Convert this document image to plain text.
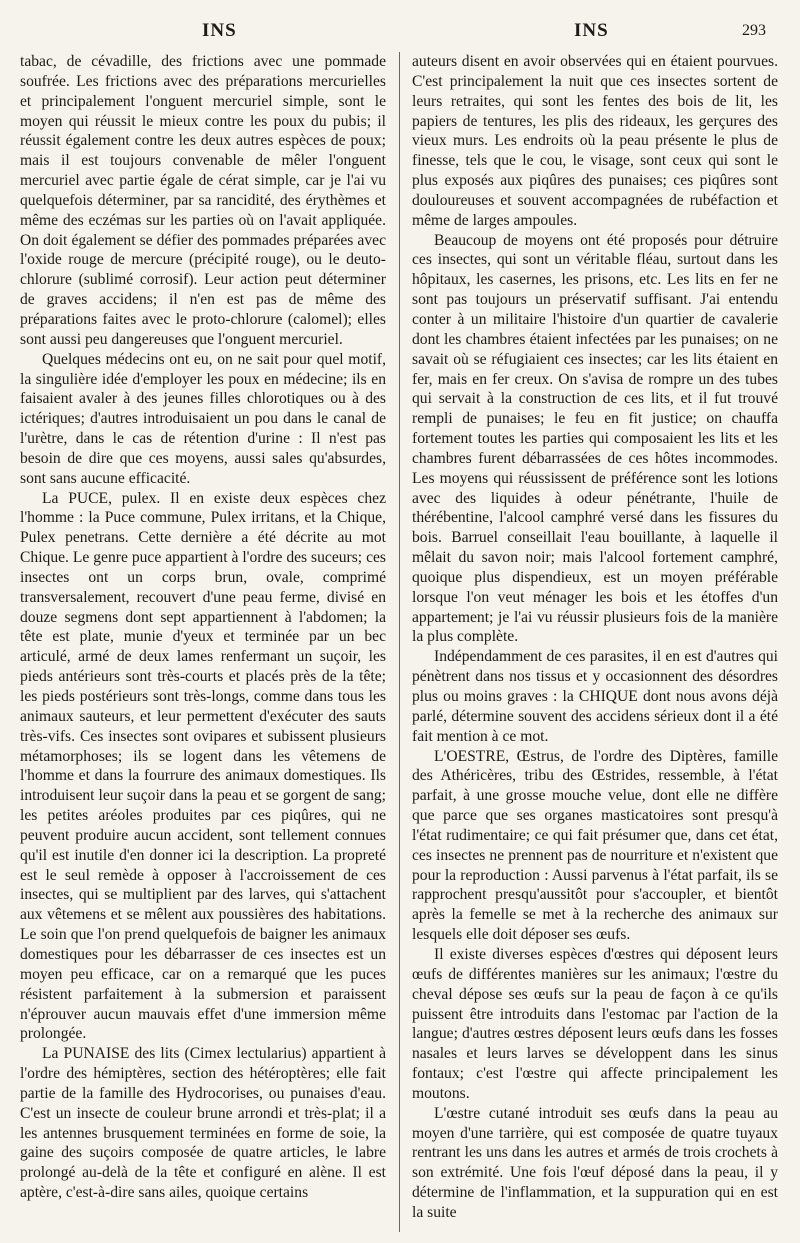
INS	INS	293

tabac, de cévadille, des frictions avec une pommade soufrée. Les frictions avec des préparations mercurielles et principalement l'onguent mercuriel simple, sont le moyen qui réussit le mieux contre les poux du pubis; il réussit également contre les deux autres espèces de poux; mais il est toujours convenable de mêler l'onguent mercuriel avec partie égale de cérat simple, car je l'ai vu quelquefois déterminer, par sa rancidité, des érythèmes et même des eczémas sur les parties où on l'avait appliquée. On doit également se défier des pommades préparées avec l'oxide rouge de mercure (précipité rouge), ou le deuto-chlorure (sublimé corrosif). Leur action peut déterminer de graves accidens; il n'en est pas de même des préparations faites avec le proto-chlorure (calomel); elles sont aussi peu dangereuses que l'onguent mercuriel.

Quelques médecins ont eu, on ne sait pour quel motif, la singulière idée d'employer les poux en médecine; ils en faisaient avaler à des jeunes filles chlorotiques ou à des ictériques; d'autres introduisaient un pou dans le canal de l'urètre, dans le cas de rétention d'urine : Il n'est pas besoin de dire que ces moyens, aussi sales qu'absurdes, sont sans aucune efficacité.

La PUCE, pulex. Il en existe deux espèces chez l'homme : la Puce commune, Pulex irritans, et la Chique, Pulex penetrans. Cette dernière a été décrite au mot Chique. Le genre puce appartient à l'ordre des suceurs; ces insectes ont un corps brun, ovale, comprimé transversalement, recouvert d'une peau ferme, divisé en douze segmens dont sept appartiennent à l'abdomen; la tête est plate, munie d'yeux et terminée par un bec articulé, armé de deux lames renfermant un suçoir, les pieds antérieurs sont très-courts et placés près de la tête; les pieds postérieurs sont très-longs, comme dans tous les animaux sauteurs, et leur permettent d'exécuter des sauts très-vifs. Ces insectes sont ovipares et subissent plusieurs métamorphoses; ils se logent dans les vêtemens de l'homme et dans la fourrure des animaux domestiques. Ils introduisent leur suçoir dans la peau et se gorgent de sang; les petites aréoles produites par ces piqûres, qui ne peuvent produire aucun accident, sont tellement connues qu'il est inutile d'en donner ici la description. La propreté est le seul remède à opposer à l'accroissement de ces insectes, qui se multiplient par des larves, qui s'attachent aux vêtemens et se mêlent aux poussières des habitations. Le soin que l'on prend quelquefois de baigner les animaux domestiques pour les débarrasser de ces insectes est un moyen peu efficace, car on a remarqué que les puces résistent parfaitement à la submersion et paraissent n'éprouver aucun mauvais effet d'une immersion même prolongée.

La PUNAISE des lits (Cimex lectularius) appartient à l'ordre des hémiptères, section des hétéroptères; elle fait partie de la famille des Hydrocorises, ou punaises d'eau. C'est un insecte de couleur brune arrondi et très-plat; il a les antennes brusquement terminées en forme de soie, la gaine des suçoirs composée de quatre articles, le labre prolongé au-delà de la tête et configuré en alène. Il est aptère, c'est-à-dire sans ailes, quoique certains

auteurs disent en avoir observées qui en étaient pourvues. C'est principalement la nuit que ces insectes sortent de leurs retraites, qui sont les fentes des bois de lit, les papiers de tentures, les plis des rideaux, les gerçures des vieux murs. Les endroits où la peau présente le plus de finesse, tels que le cou, le visage, sont ceux qui sont le plus exposés aux piqûres des punaises; ces piqûres sont douloureuses et souvent accompagnées de rubéfaction et même de larges ampoules.

Beaucoup de moyens ont été proposés pour détruire ces insectes, qui sont un véritable fléau, surtout dans les hôpitaux, les casernes, les prisons, etc. Les lits en fer ne sont pas toujours un préservatif suffisant. J'ai entendu conter à un militaire l'histoire d'un quartier de cavalerie dont les chambres étaient infectées par les punaises; on ne savait où se réfugiaient ces insectes; car les lits étaient en fer, mais en fer creux. On s'avisa de rompre un des tubes qui servait à la construction de ces lits, et il fut trouvé rempli de punaises; le feu en fit justice; on chauffa fortement toutes les parties qui composaient les lits et les chambres furent débarrassées de ces hôtes incommodes. Les moyens qui réussissent de préférence sont les lotions avec des liquides à odeur pénétrante, l'huile de thérébentine, l'alcool camphré versé dans les fissures du bois. Barruel conseillait l'eau bouillante, à laquelle il mêlait du savon noir; mais l'alcool fortement camphré, quoique plus dispendieux, est un moyen préférable lorsque l'on veut ménager les bois et les étoffes d'un appartement; je l'ai vu réussir plusieurs fois de la manière la plus complète.

Indépendamment de ces parasites, il en est d'autres qui pénètrent dans nos tissus et y occasionnent des désordres plus ou moins graves : la CHIQUE dont nous avons déjà parlé, détermine souvent des accidens sérieux dont il a été fait mention à ce mot.

L'OESTRE, Œstrus, de l'ordre des Diptères, famille des Athéricères, tribu des Œstrides, ressemble, à l'état parfait, à une grosse mouche velue, dont elle ne diffère que parce que ses organes masticatoires sont presqu'à l'état rudimentaire; ce qui fait présumer que, dans cet état, ces insectes ne prennent pas de nourriture et n'existent que pour la reproduction : Aussi parvenus à l'état parfait, ils se rapprochent presqu'aussitôt pour s'accoupler, et bientôt après la femelle se met à la recherche des animaux sur lesquels elle doit déposer ses œufs.

Il existe diverses espèces d'œstres qui déposent leurs œufs de différentes manières sur les animaux; l'œstre du cheval dépose ses œufs sur la peau de façon à ce qu'ils puissent être introduits dans l'estomac par l'action de la langue; d'autres œstres déposent leurs œufs dans les fosses nasales et leurs larves se développent dans les sinus fontaux; c'est l'œstre qui affecte principalement les moutons.

L'œstre cutané introduit ses œufs dans la peau au moyen d'une tarrière, qui est composée de quatre tuyaux rentrant les uns dans les autres et armés de trois crochets à son extrémité. Une fois l'œuf déposé dans la peau, il y détermine de l'inflammation, et la suppuration qui en est la suite
